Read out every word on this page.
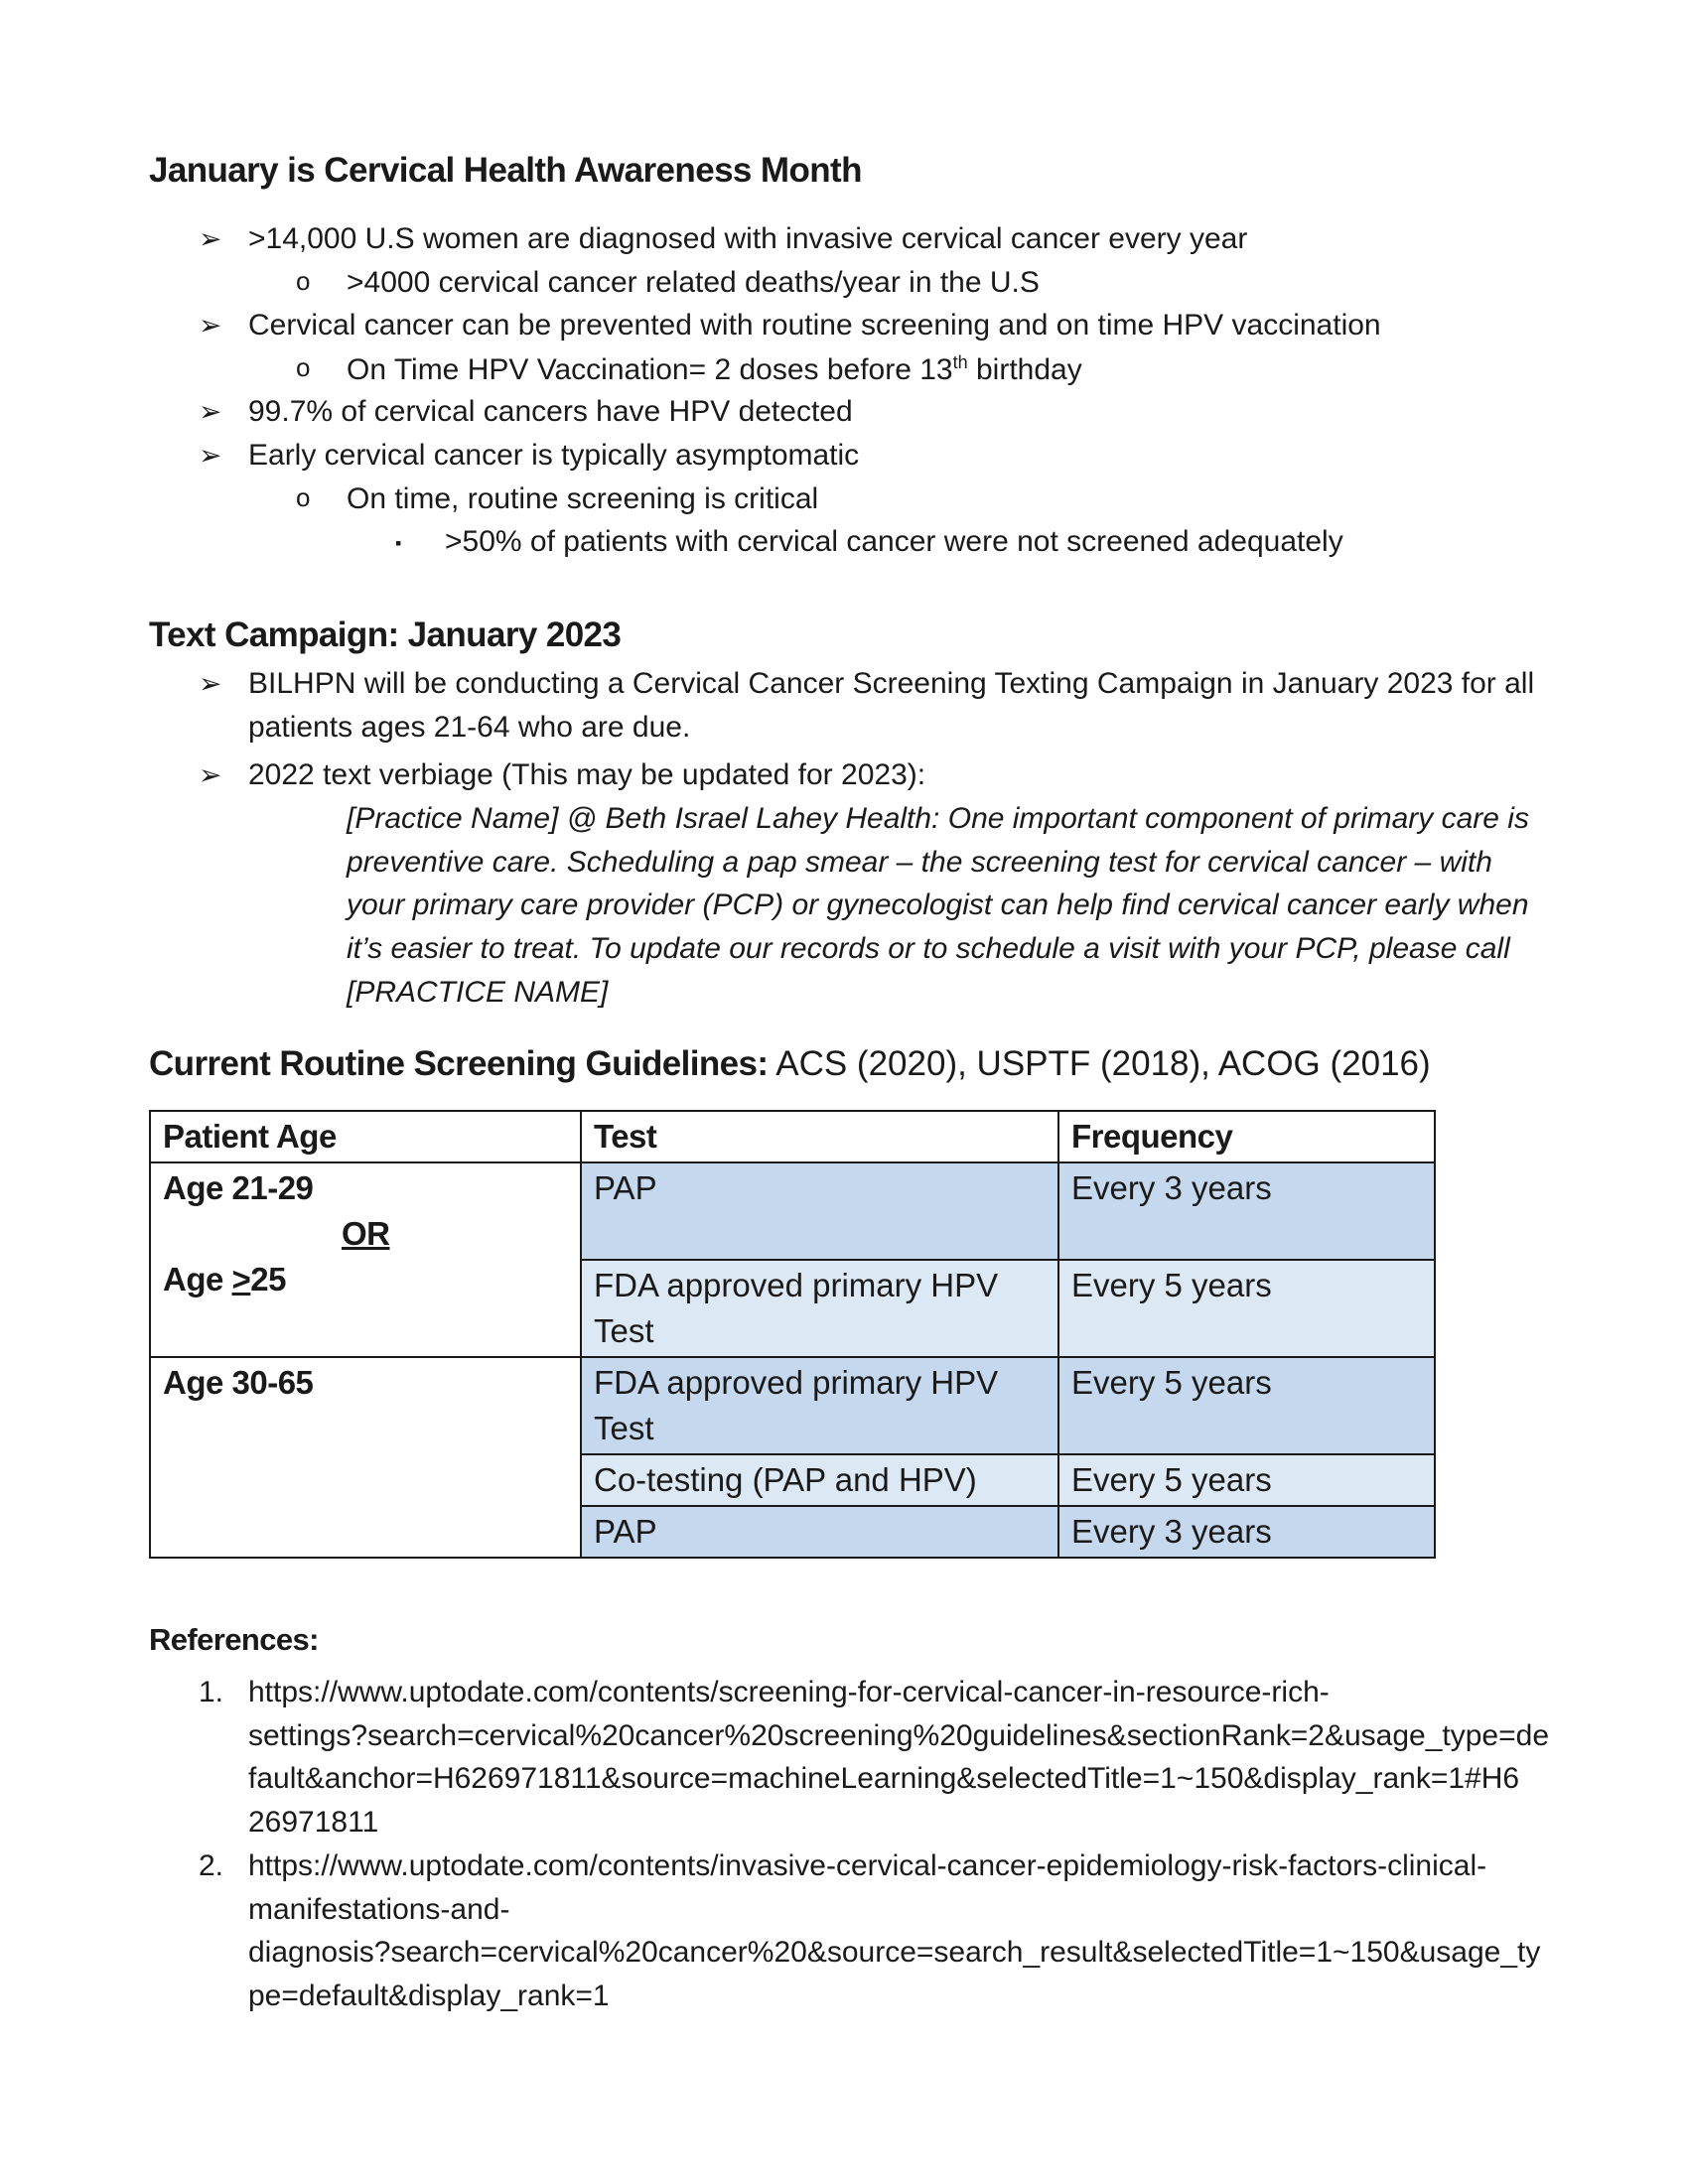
January is Cervical Health Awareness Month
➢ >14,000 U.S women are diagnosed with invasive cervical cancer every year
o >4000 cervical cancer related deaths/year in the U.S
➢ Cervical cancer can be prevented with routine screening and on time HPV vaccination
o On Time HPV Vaccination= 2 doses before 13th birthday
➢ 99.7% of cervical cancers have HPV detected
➢ Early cervical cancer is typically asymptomatic
o On time, routine screening is critical
▪ >50% of patients with cervical cancer were not screened adequately
Text Campaign: January 2023
➢ BILHPN will be conducting a Cervical Cancer Screening Texting Campaign in January 2023 for all
patients ages 21-64 who are due.
➢ 2022 text verbiage (This may be updated for 2023):
[Practice Name] @ Beth Israel Lahey Health: One important component of primary care is
preventive care. Scheduling a pap smear – the screening test for cervical cancer – with
your primary care provider (PCP) or gynecologist can help find cervical cancer early when
it’s easier to treat. To update our records or to schedule a visit with your PCP, please call
[PRACTICE NAME]
Current Routine Screening Guidelines: ACS (2020), USPTF (2018), ACOG (2016)
Patient Age	Test	Frequency

Age 21-29
OR
Age >25	PAP	Every 3 years
	FDA approved primary HPV Test	Every 5 years
Age 30-65	FDA approved primary HPV Test	Every 5 years
	Co-testing (PAP and HPV)	Every 5 years
	PAP	Every 3 years
References:
1. https://www.uptodate.com/contents/screening-for-cervical-cancer-in-resource-rich-
settings?search=cervical%20cancer%20screening%20guidelines&sectionRank=2&usage_type=de
fault&anchor=H626971811&source=machineLearning&selectedTitle=1~150&display_rank=1#H6
26971811
2. https://www.uptodate.com/contents/invasive-cervical-cancer-epidemiology-risk-factors-clinical-
manifestations-and-
diagnosis?search=cervical%20cancer%20&source=search_result&selectedTitle=1~150&usage_ty
pe=default&display_rank=1
